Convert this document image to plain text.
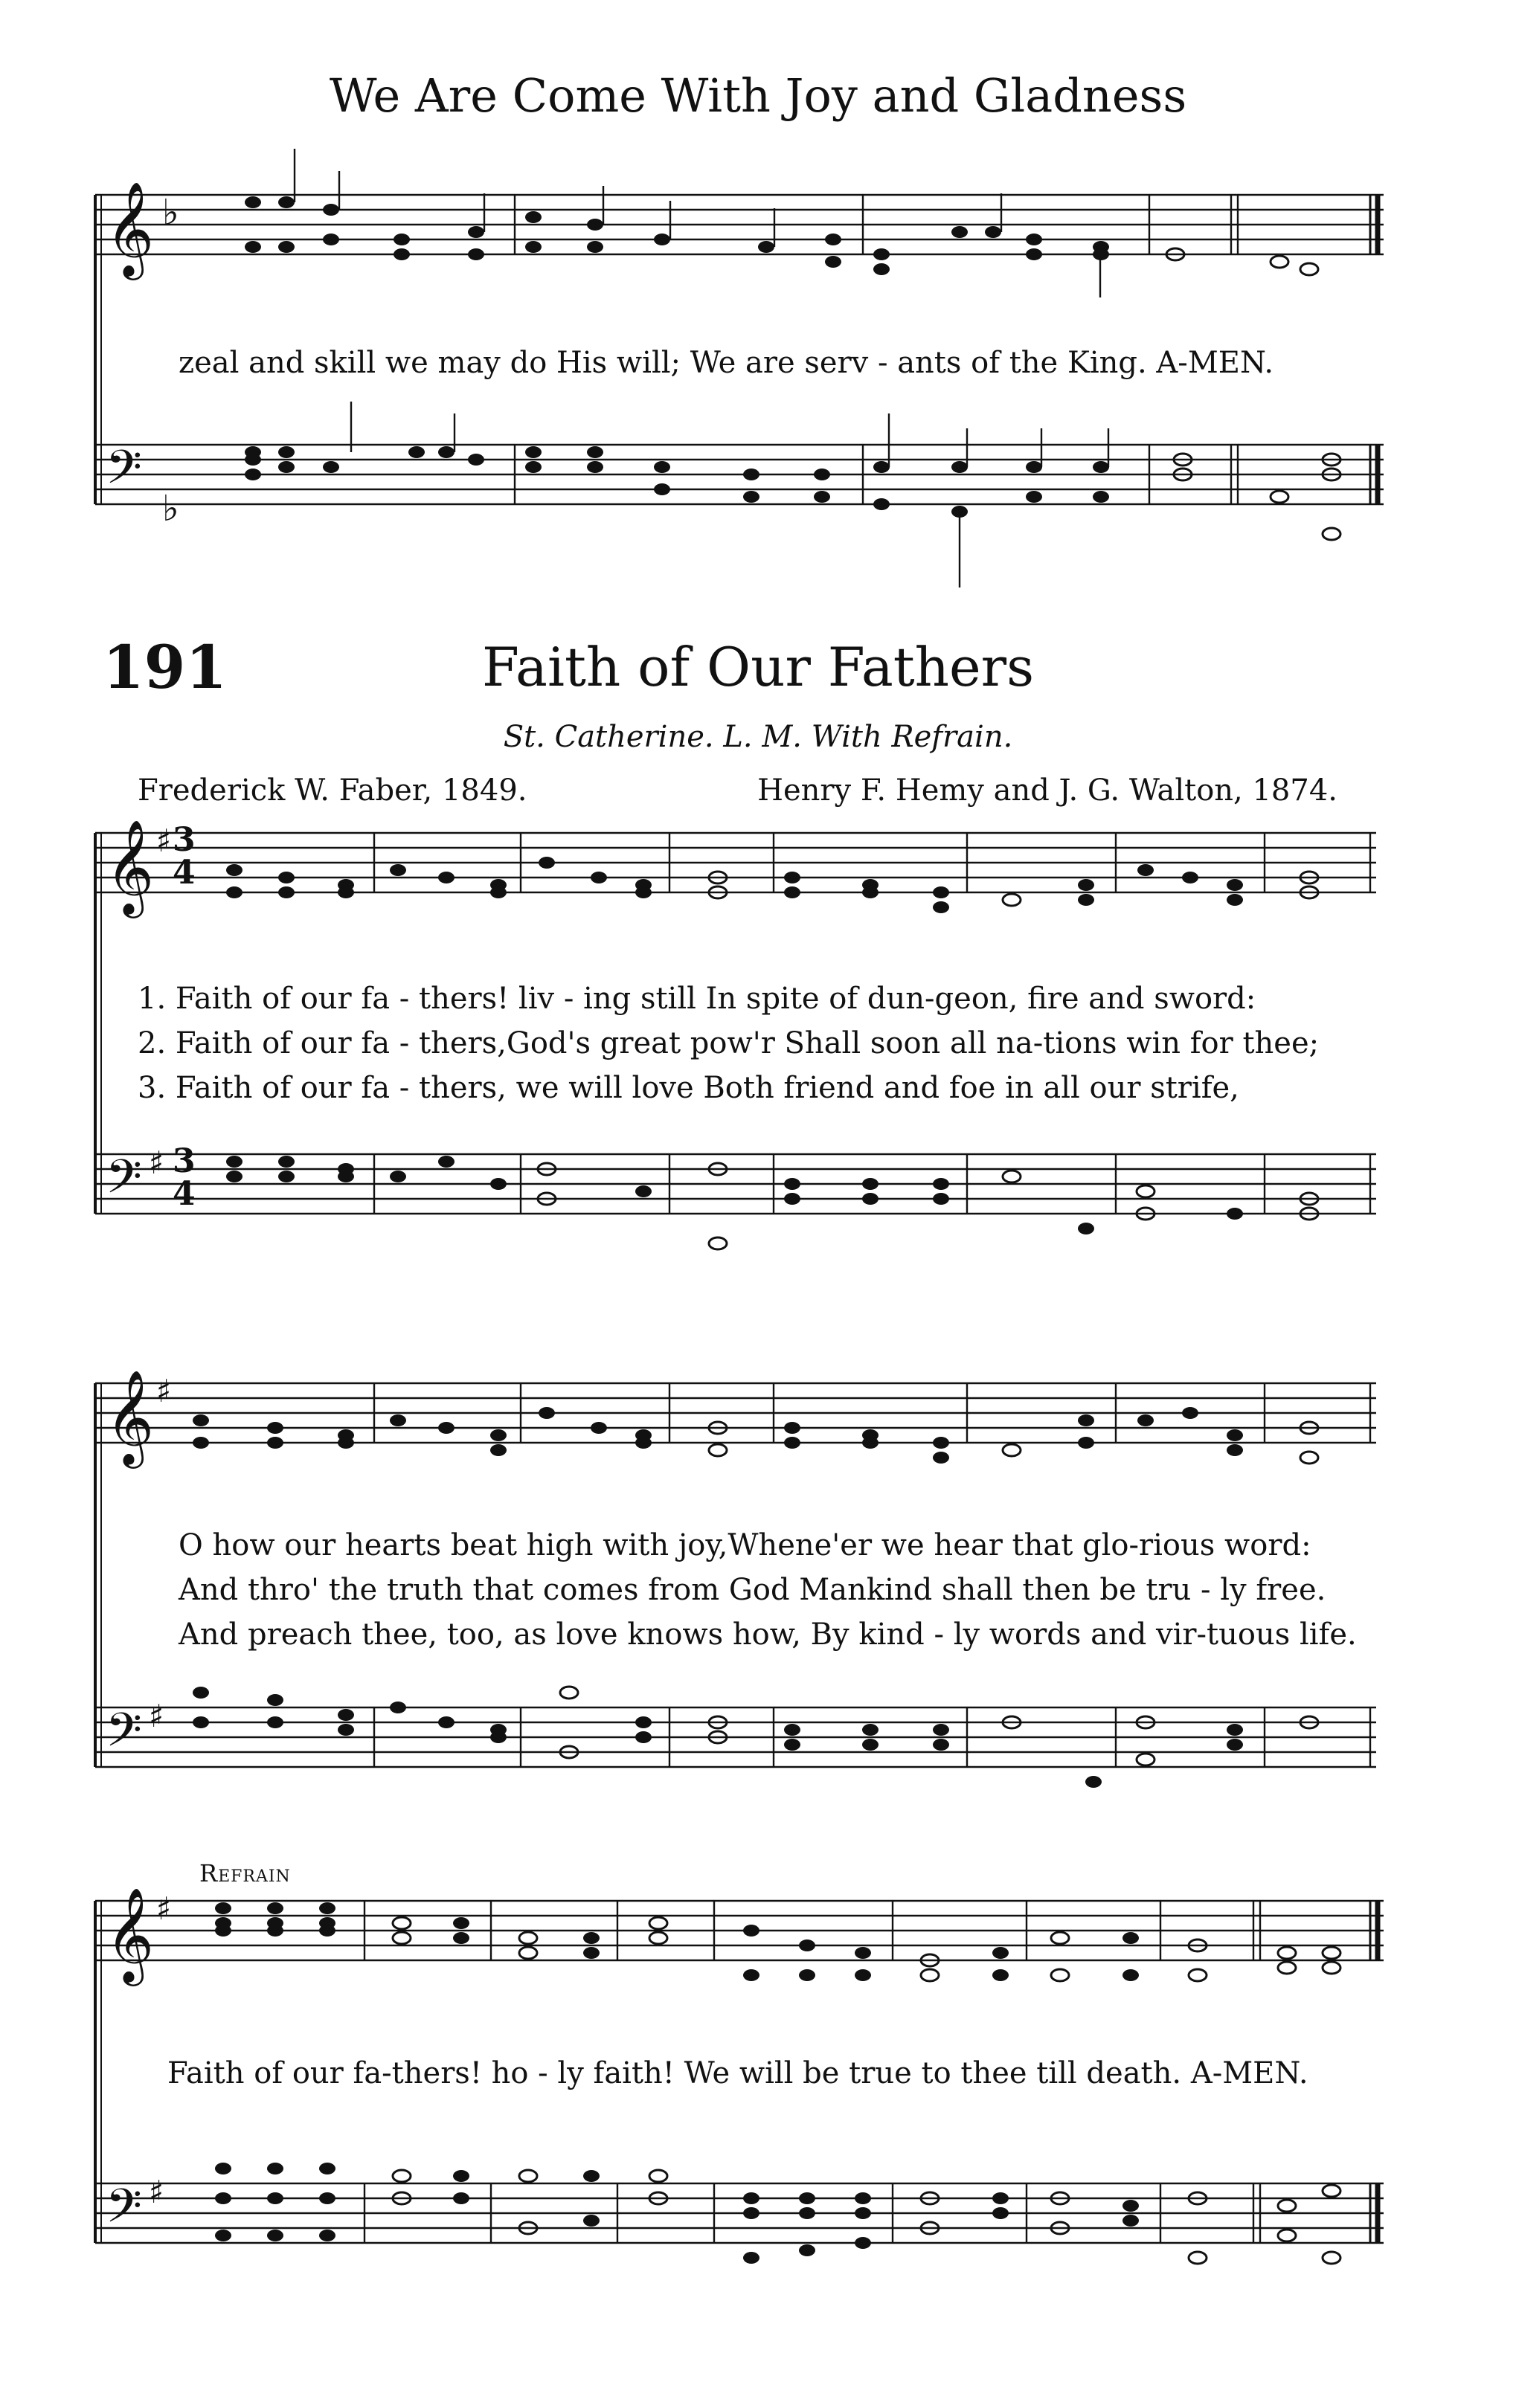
We Are Come With Joy and Gladness
𝄞
𝄢
♭
♭
𝄞
𝄢
♯
♯
𝄞
𝄢
♯
♯
𝄞
𝄢
♯
♯
3
4
3
4
zeal and skill we may do His will; We are serv - ants of the King. A-MEN.
191	Faith of Our Fathers
St. Catherine. L. M. With Refrain.
Frederick W. Faber, 1849.	Henry F. Hemy and J. G. Walton, 1874.
1. Faith of our fa - thers! liv - ing still In spite of dun-geon, fire and sword:
2. Faith of our fa - thers,God's great pow'r Shall soon all na-tions win for thee;
3. Faith of our fa - thers, we will love Both friend and foe in all our strife,
O how our hearts beat high with joy,Whene'er we hear that glo-rious word:
And thro' the truth that comes from God Mankind shall then be tru - ly free.
And preach thee, too, as love knows how, By kind - ly words and vir-tuous life.
Refrain
Faith of our fa-thers! ho - ly faith! We will be true to thee till death. A-MEN.
